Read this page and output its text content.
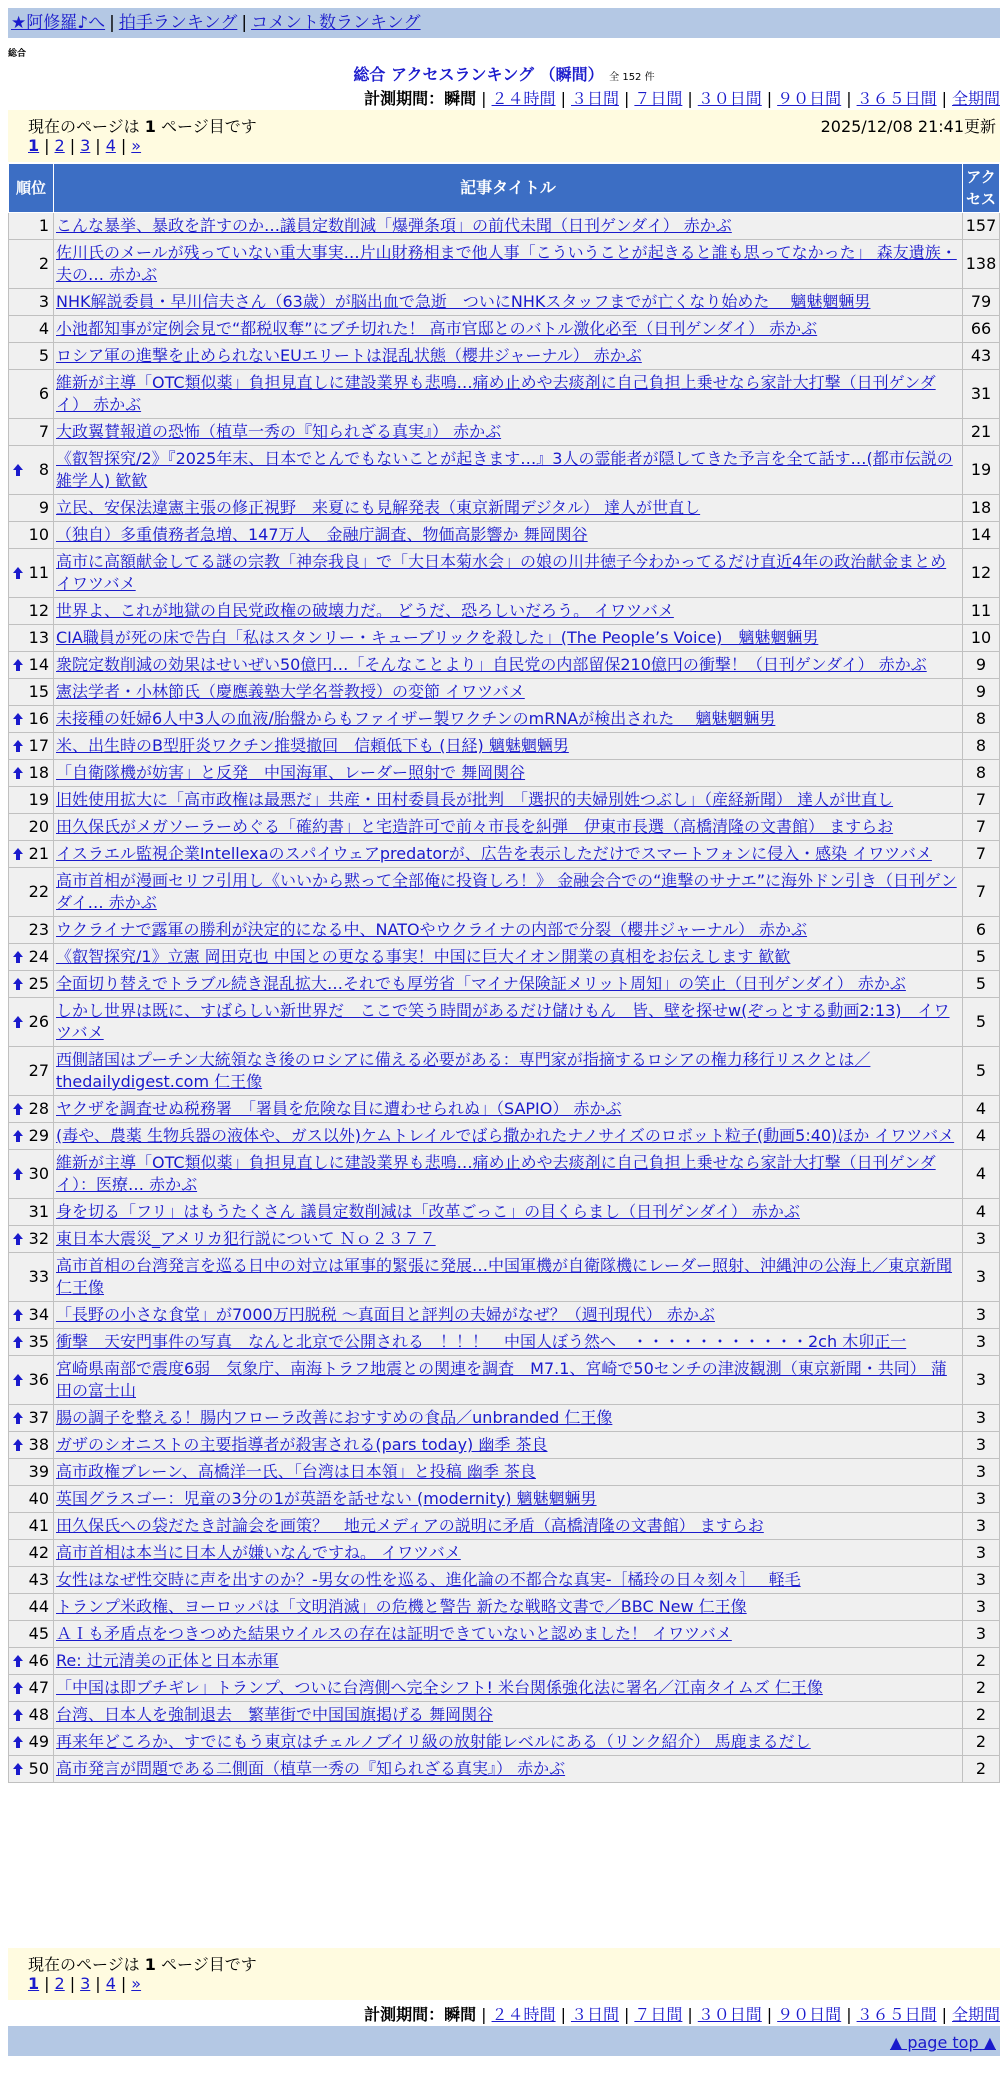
★阿修羅♪へ | 拍手ランキング | コメント数ランキング
総合
総合 アクセスランキング （瞬間） 全 152 件
計測期間：瞬間 | ２４時間 | ３日間 | ７日間 | ３０日間 | ９０日間 | ３６５日間 | 全期間
現在のページは 1 ページ目です	2025/12/08 21:41更新
1 | 2 | 3 | 4 | »
順位	記事タイトル	アクセス
1	こんな暴挙、暴政を許すのか…議員定数削減「爆弾条項」の前代未聞（日刊ゲンダイ） 赤かぶ	157
2	佐川氏のメールが残っていない重大事実…片山財務相まで他人事「こういうことが起きると誰も思ってなかった」 森友遺族・夫の… 赤かぶ	138
3	NHK解説委員・早川信夫さん（63歳）が脳出血で急逝　ついにNHKスタッフまでが亡くなり始めた　 魑魅魍魎男	79
4	小池都知事が定例会見で“都税収奪”にブチ切れた！ 高市官邸とのバトル激化必至（日刊ゲンダイ） 赤かぶ	66
5	ロシア軍の進撃を止められないEUエリートは混乱状態（櫻井ジャーナル） 赤かぶ	43
6	維新が主導「OTC類似薬」負担見直しに建設業界も悲鳴…痛め止めや去痰剤に自己負担上乗せなら家計大打撃（日刊ゲンダイ） 赤かぶ	31
7	大政翼賛報道の恐怖（植草一秀の『知られざる真実』） 赤かぶ	21

8	《叡智探究/2》『2025年末、日本でとんでもないことが起きます…』3人の霊能者が隠してきた予言を全て話す…(都市伝説の雑学人) 歓歓	19
9	立民、安保法違憲主張の修正視野　来夏にも見解発表（東京新聞デジタル） 達人が世直し	18
10	（独自）多重債務者急増、147万人　金融庁調査、物価高影響か 舞岡関谷	14

11	高市に高額献金してる謎の宗教「神奈我良」で「大日本菊水会」の娘の川井徳子今わかってるだけ直近4年の政治献金まとめ イワツバメ	12
12	世界よ、これが地獄の自民党政権の破壊力だ。 どうだ、恐ろしいだろう。 イワツバメ	11
13	CIA職員が死の床で告白「私はスタンリー・キューブリックを殺した」(The People’s Voice)　魑魅魍魎男	10

14	衆院定数削減の効果はせいぜい50億円…「そんなことより」自民党の内部留保210億円の衝撃！（日刊ゲンダイ） 赤かぶ	9
15	憲法学者・小林節氏（慶應義塾大学名誉教授）の変節 イワツバメ	9

16	未接種の妊婦6人中3人の血液/胎盤からもファイザー製ワクチンのmRNAが検出された　 魑魅魍魎男	8

17	米、出生時のB型肝炎ワクチン推奨撤回　信頼低下も (日経) 魑魅魍魎男	8

18	「自衛隊機が妨害」と反発　中国海軍、レーダー照射で 舞岡関谷	8
19	旧姓使用拡大に「高市政権は最悪だ」共産・田村委員長が批判　「選択的夫婦別姓つぶし」（産経新聞） 達人が世直し	7
20	田久保氏がメガソーラーめぐる「確約書」と宅造許可で前々市長を糾弾　伊東市長選（高橋清隆の文書館） ますらお	7

21	イスラエル監視企業Intellexaのスパイウェアpredatorが、広告を表示しただけでスマートフォンに侵入・感染 イワツバメ	7
22	高市首相が漫画セリフ引用し《いいから黙って全部俺に投資しろ！》 金融会合での“進撃のサナエ”に海外ドン引き（日刊ゲンダイ… 赤かぶ	7
23	ウクライナで露軍の勝利が決定的になる中、NATOやウクライナの内部で分裂（櫻井ジャーナル） 赤かぶ	6

24	《叡智探究/1》立憲 岡田克也 中国との更なる事実！中国に巨大イオン開業の真相をお伝えします 歓歓	5

25	全面切り替えでトラブル続き混乱拡大…それでも厚労省「マイナ保険証メリット周知」の笑止（日刊ゲンダイ） 赤かぶ	5

26	しかし世界は既に、すばらしい新世界だ　ここで笑う時間があるだけ儲けもん　皆、壁を探せw(ぞっとする動画2:13)　イワツバメ	5
27	西側諸国はプーチン大統領なき後のロシアに備える必要がある：専門家が指摘するロシアの権力移行リスクとは／thedailydigest.com 仁王像	5

28	ヤクザを調査せぬ税務署　「署員を危険な目に遭わせられぬ」（SAPIO） 赤かぶ	4

29	(毒や、農薬 生物兵器の液体や、ガス以外)ケムトレイルでばら撒かれたナノサイズのロボット粒子(動画5:40)ほか イワツバメ	4

30	維新が主導「OTC類似薬」負担見直しに建設業界も悲鳴…痛め止めや去痰剤に自己負担上乗せなら家計大打撃（日刊ゲンダイ）：医療… 赤かぶ	4
31	身を切る「フリ」はもうたくさん 議員定数削減は「改革ごっこ」の目くらまし（日刊ゲンダイ） 赤かぶ	4

32	東日本大震災_アメリカ犯行説について Ｎｏ２３７７	3
33	高市首相の台湾発言を巡る日中の対立は軍事的緊張に発展…中国軍機が自衛隊機にレーダー照射、沖縄沖の公海上／東京新聞 仁王像	3

34	「長野の小さな食堂」が7000万円脱税 ～真面目と評判の夫婦がなぜ？（週刊現代） 赤かぶ	3

35	衝撃　天安門事件の写真　なんと北京で公開される　！！！　中国人ぼう然へ　・・・・・・・・・・・2ch 木卯正一	3

36	宮崎県南部で震度6弱　気象庁、南海トラフ地震との関連を調査　M7.1、宮崎で50センチの津波観測（東京新聞・共同） 蒲田の富士山	3

37	腸の調子を整える！腸内フローラ改善におすすめの食品／unbranded 仁王像	3

38	ガザのシオニストの主要指導者が殺害される(pars today) 幽季 茶良	3
39	高市政権ブレーン、高橋洋一氏、「台湾は日本領」と投稿 幽季 茶良	3
40	英国グラスゴー：児童の3分の1が英語を話せない (modernity) 魑魅魍魎男	3
41	田久保氏への袋だたき討論会を画策？　地元メディアの説明に矛盾（高橋清隆の文書館） ますらお	3
42	高市首相は本当に日本人が嫌いなんですね。 イワツバメ	3
43	女性はなぜ性交時に声を出すのか？-男女の性を巡る、進化論の不都合な真実-［橘玲の日々刻々］　 軽毛	3
44	トランプ米政権、ヨーロッパは「文明消滅」の危機と警告 新たな戦略文書で／BBC New 仁王像	3
45	ＡＩも矛盾点をつきつめた結果ウイルスの存在は証明できていないと認めました！ イワツバメ	3

46	Re: 辻元清美の正体と日本赤軍	2

47	「中国は即ブチギレ」トランプ、ついに台湾側へ完全シフト! 米台関係強化法に署名／江南タイムズ 仁王像	2

48	台湾、日本人を強制退去　繁華街で中国国旗掲げる 舞岡関谷	2

49	再来年どころか、すでにもう東京はチェルノブイリ級の放射能レベルにある（リンク紹介） 馬鹿まるだし	2

50	高市発言が問題である二側面（植草一秀の『知られざる真実』） 赤かぶ	2
現在のページは 1 ページ目です
1 | 2 | 3 | 4 | »
計測期間：瞬間 | ２４時間 | ３日間 | ７日間 | ３０日間 | ９０日間 | ３６５日間 | 全期間
▲ page top ▲
